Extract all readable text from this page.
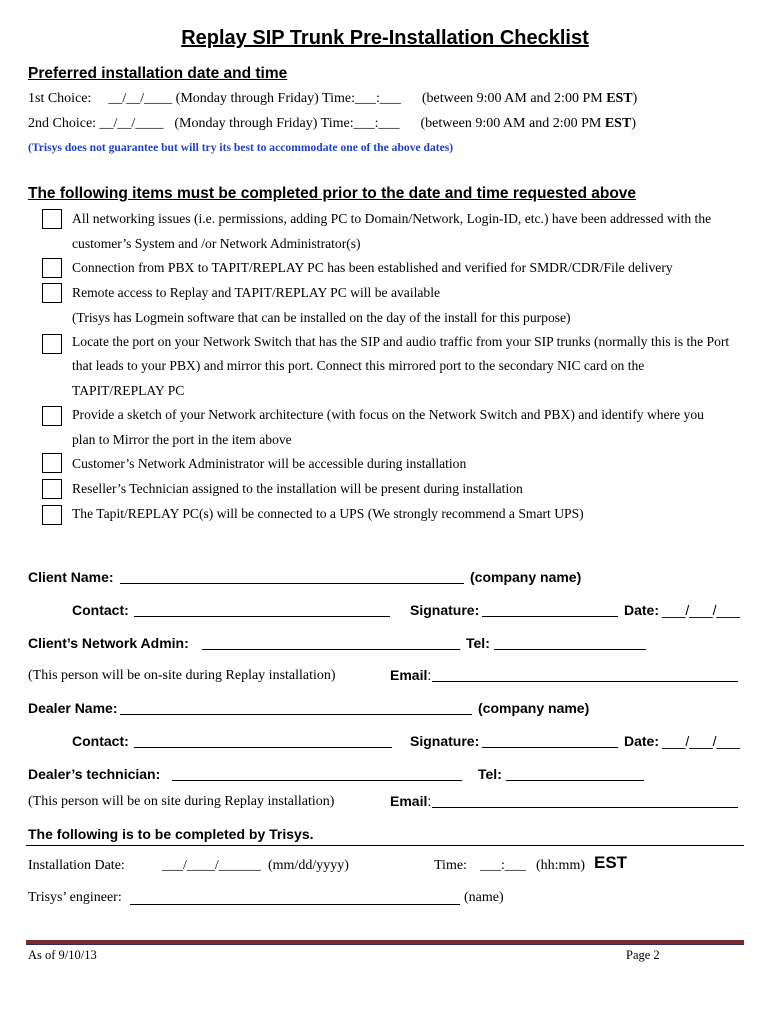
Replay SIP Trunk Pre-Installation Checklist
Preferred installation date and time
1st Choice: __/__/____ (Monday through Friday) Time:___:___ (between 9:00 AM and 2:00 PM EST)
2nd Choice: __/__/____ (Monday through Friday) Time:___:___ (between 9:00 AM and 2:00 PM EST)
(Trisys does not guarantee but will try its best to accommodate one of the above dates)
The following items must be completed prior to the date and time requested above
All networking issues (i.e. permissions, adding PC to Domain/Network, Login-ID, etc.) have been addressed with the
customer’s System and /or Network Administrator(s)
Connection from PBX to TAPIT/REPLAY PC has been established and verified for SMDR/CDR/File delivery
Remote access to Replay and TAPIT/REPLAY PC will be available
(Trisys has Logmein software that can be installed on the day of the install for this purpose)
Locate the port on your Network Switch that has the SIP and audio traffic from your SIP trunks (normally this is the Port
that leads to your PBX) and mirror this port. Connect this mirrored port to the secondary NIC card on the
TAPIT/REPLAY PC
Provide a sketch of your Network architecture (with focus on the Network Switch and PBX) and identify where you
plan to Mirror the port in the item above
Customer’s Network Administrator will be accessible during installation
Reseller’s Technician assigned to the installation will be present during installation
The Tapit/REPLAY PC(s) will be connected to a UPS (We strongly recommend a Smart UPS)
Client Name:	(company name)
Contact:	Signature:	Date: ___/___/___
Client’s Network Admin:	Tel:
(This person will be on-site during Replay installation)	Email:
Dealer Name:	(company name)
Contact:	Signature:	Date: ___/___/___
Dealer’s technician:	Tel:
(This person will be on site during Replay installation)	Email:
The following is to be completed by Trisys.
Installation Date:	___/____/______ (mm/dd/yyyy)	Time: ___:___ (hh:mm) EST
Trisys’ engineer:	(name)
As of 9/10/13	Page 2
